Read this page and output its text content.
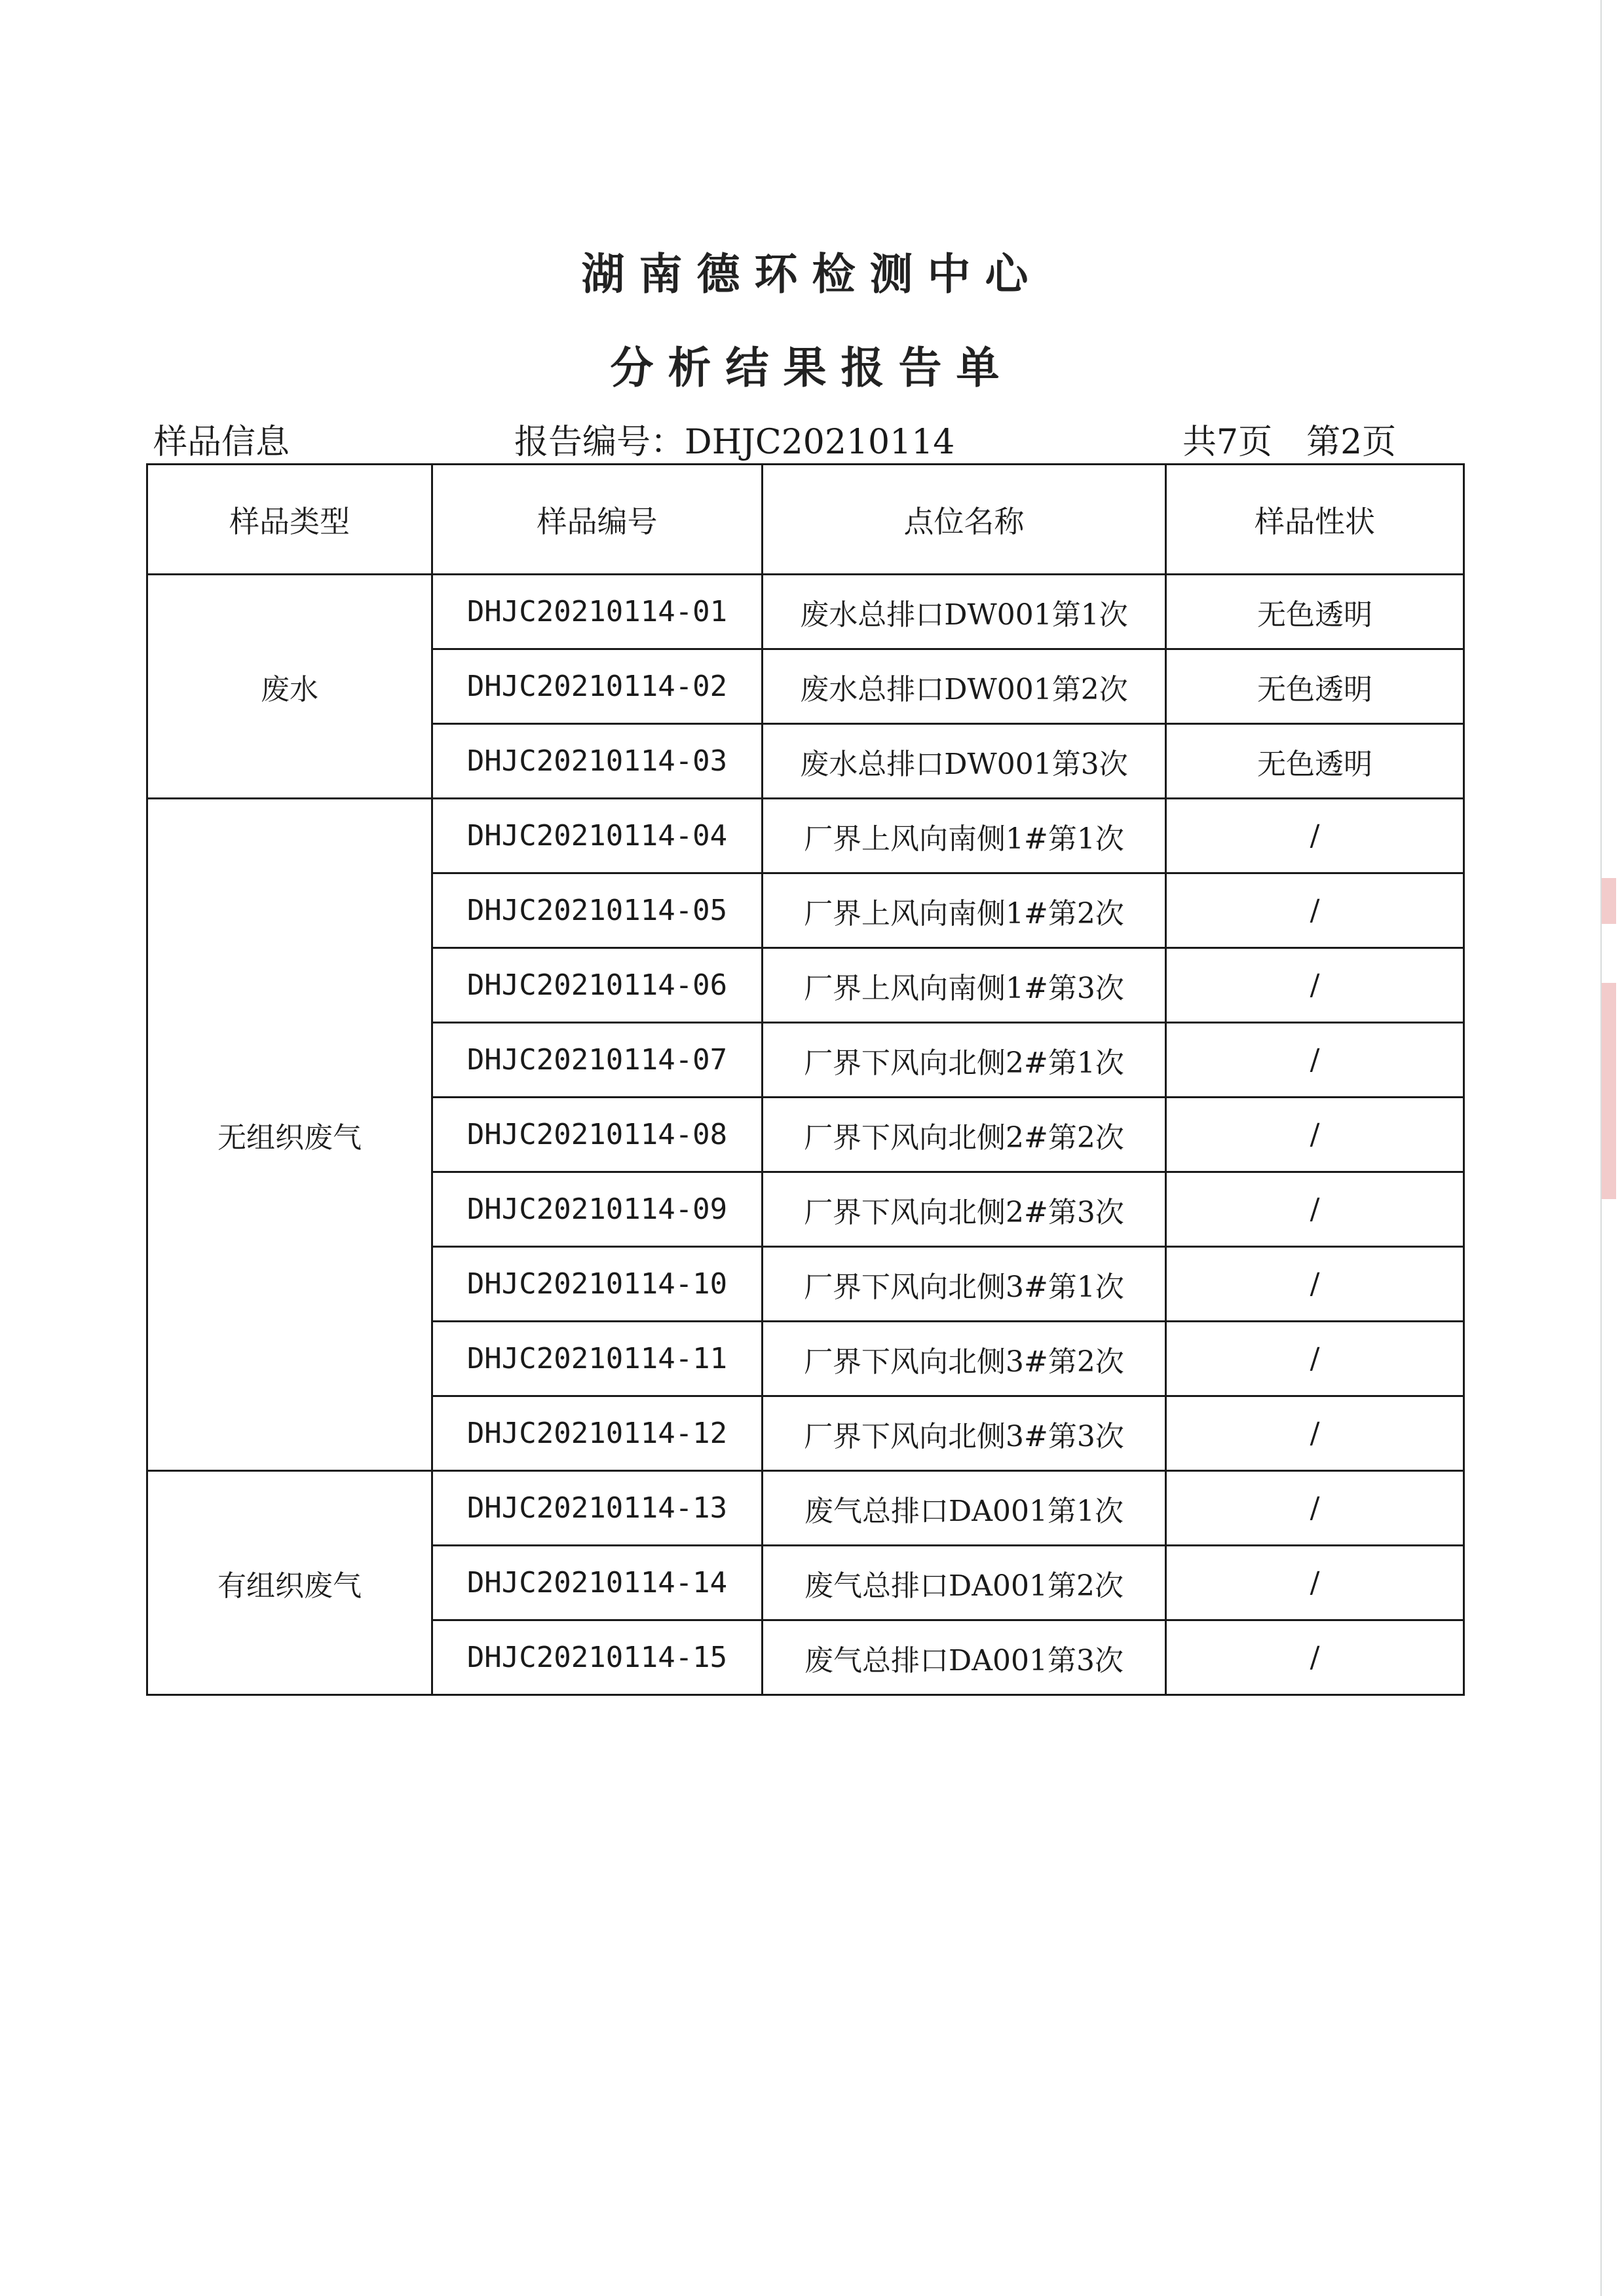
湖南德环检测中心
分析结果报告单
样品信息	报告编号：DHJC20210114	共7页　第2页
样品类型	样品编号	点位名称	样品性状
废水	DHJC20210114-01	废水总排口DW001第1次	无色透明
	DHJC20210114-02	废水总排口DW001第2次	无色透明
	DHJC20210114-03	废水总排口DW001第3次	无色透明
无组织废气	DHJC20210114-04	厂界上风向南侧1#第1次	/
	DHJC20210114-05	厂界上风向南侧1#第2次	/
	DHJC20210114-06	厂界上风向南侧1#第3次	/
	DHJC20210114-07	厂界下风向北侧2#第1次	/
	DHJC20210114-08	厂界下风向北侧2#第2次	/
	DHJC20210114-09	厂界下风向北侧2#第3次	/
	DHJC20210114-10	厂界下风向北侧3#第1次	/
	DHJC20210114-11	厂界下风向北侧3#第2次	/
	DHJC20210114-12	厂界下风向北侧3#第3次	/
有组织废气	DHJC20210114-13	废气总排口DA001第1次	/
	DHJC20210114-14	废气总排口DA001第2次	/
	DHJC20210114-15	废气总排口DA001第3次	/
